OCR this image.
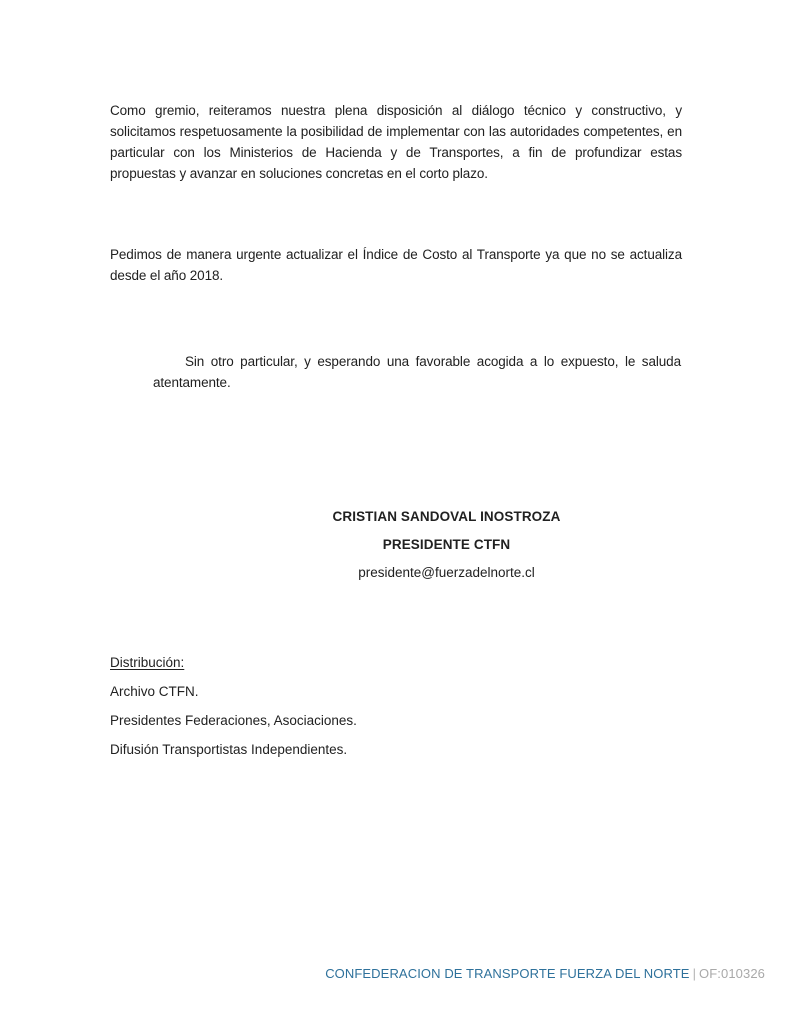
Como gremio, reiteramos nuestra plena disposición al diálogo técnico y constructivo, y solicitamos respetuosamente la posibilidad de implementar con las autoridades competentes, en particular con los Ministerios de Hacienda y de Transportes, a fin de profundizar estas propuestas y avanzar en soluciones concretas en el corto plazo.

Pedimos de manera urgente actualizar el Índice de Costo al Transporte ya que no se actualiza desde el año 2018.

Sin otro particular, y esperando una favorable acogida a lo expuesto, le saluda atentamente.

CRISTIAN SANDOVAL INOSTROZA
PRESIDENTE CTFN
presidente@fuerzadelnorte.cl
Distribución:
Archivo CTFN.
Presidentes Federaciones, Asociaciones.
Difusión Transportistas Independientes.
CONFEDERACION DE TRANSPORTE FUERZA DEL NORTE | OF:010326
